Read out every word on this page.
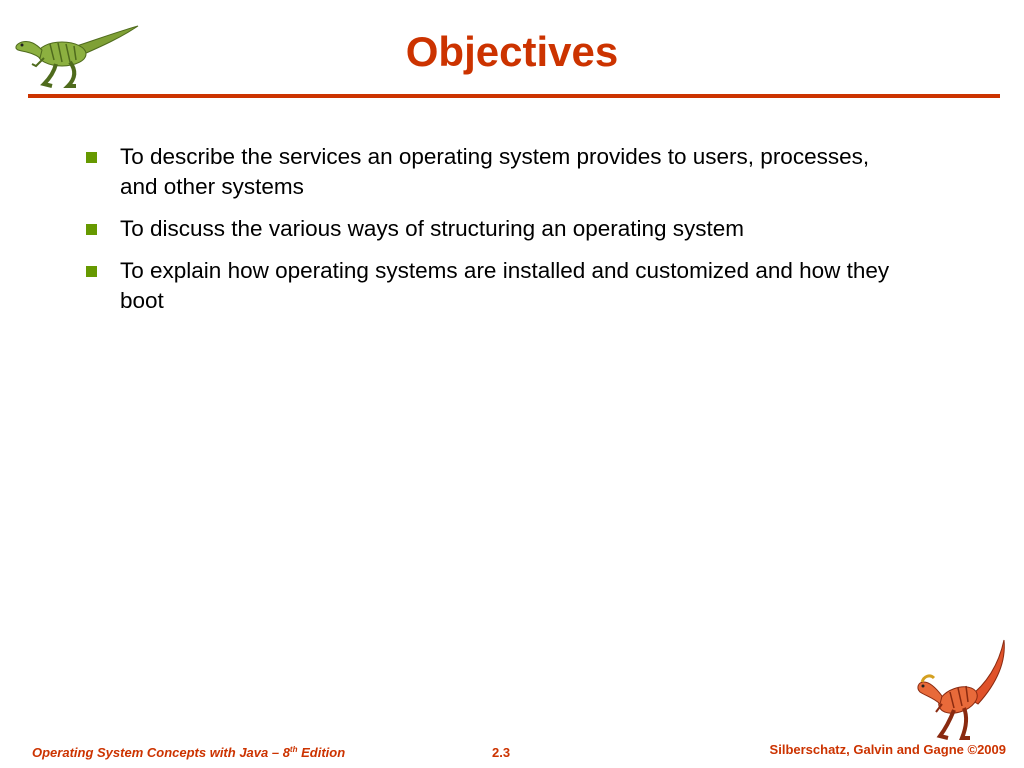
Objectives
To describe the services an operating system provides to users, processes, and other systems
To discuss the various ways of structuring an operating system
To explain how operating systems are installed and customized and how they boot
Operating System Concepts with Java – 8th Edition	2.3	Silberschatz, Galvin and Gagne ©2009
